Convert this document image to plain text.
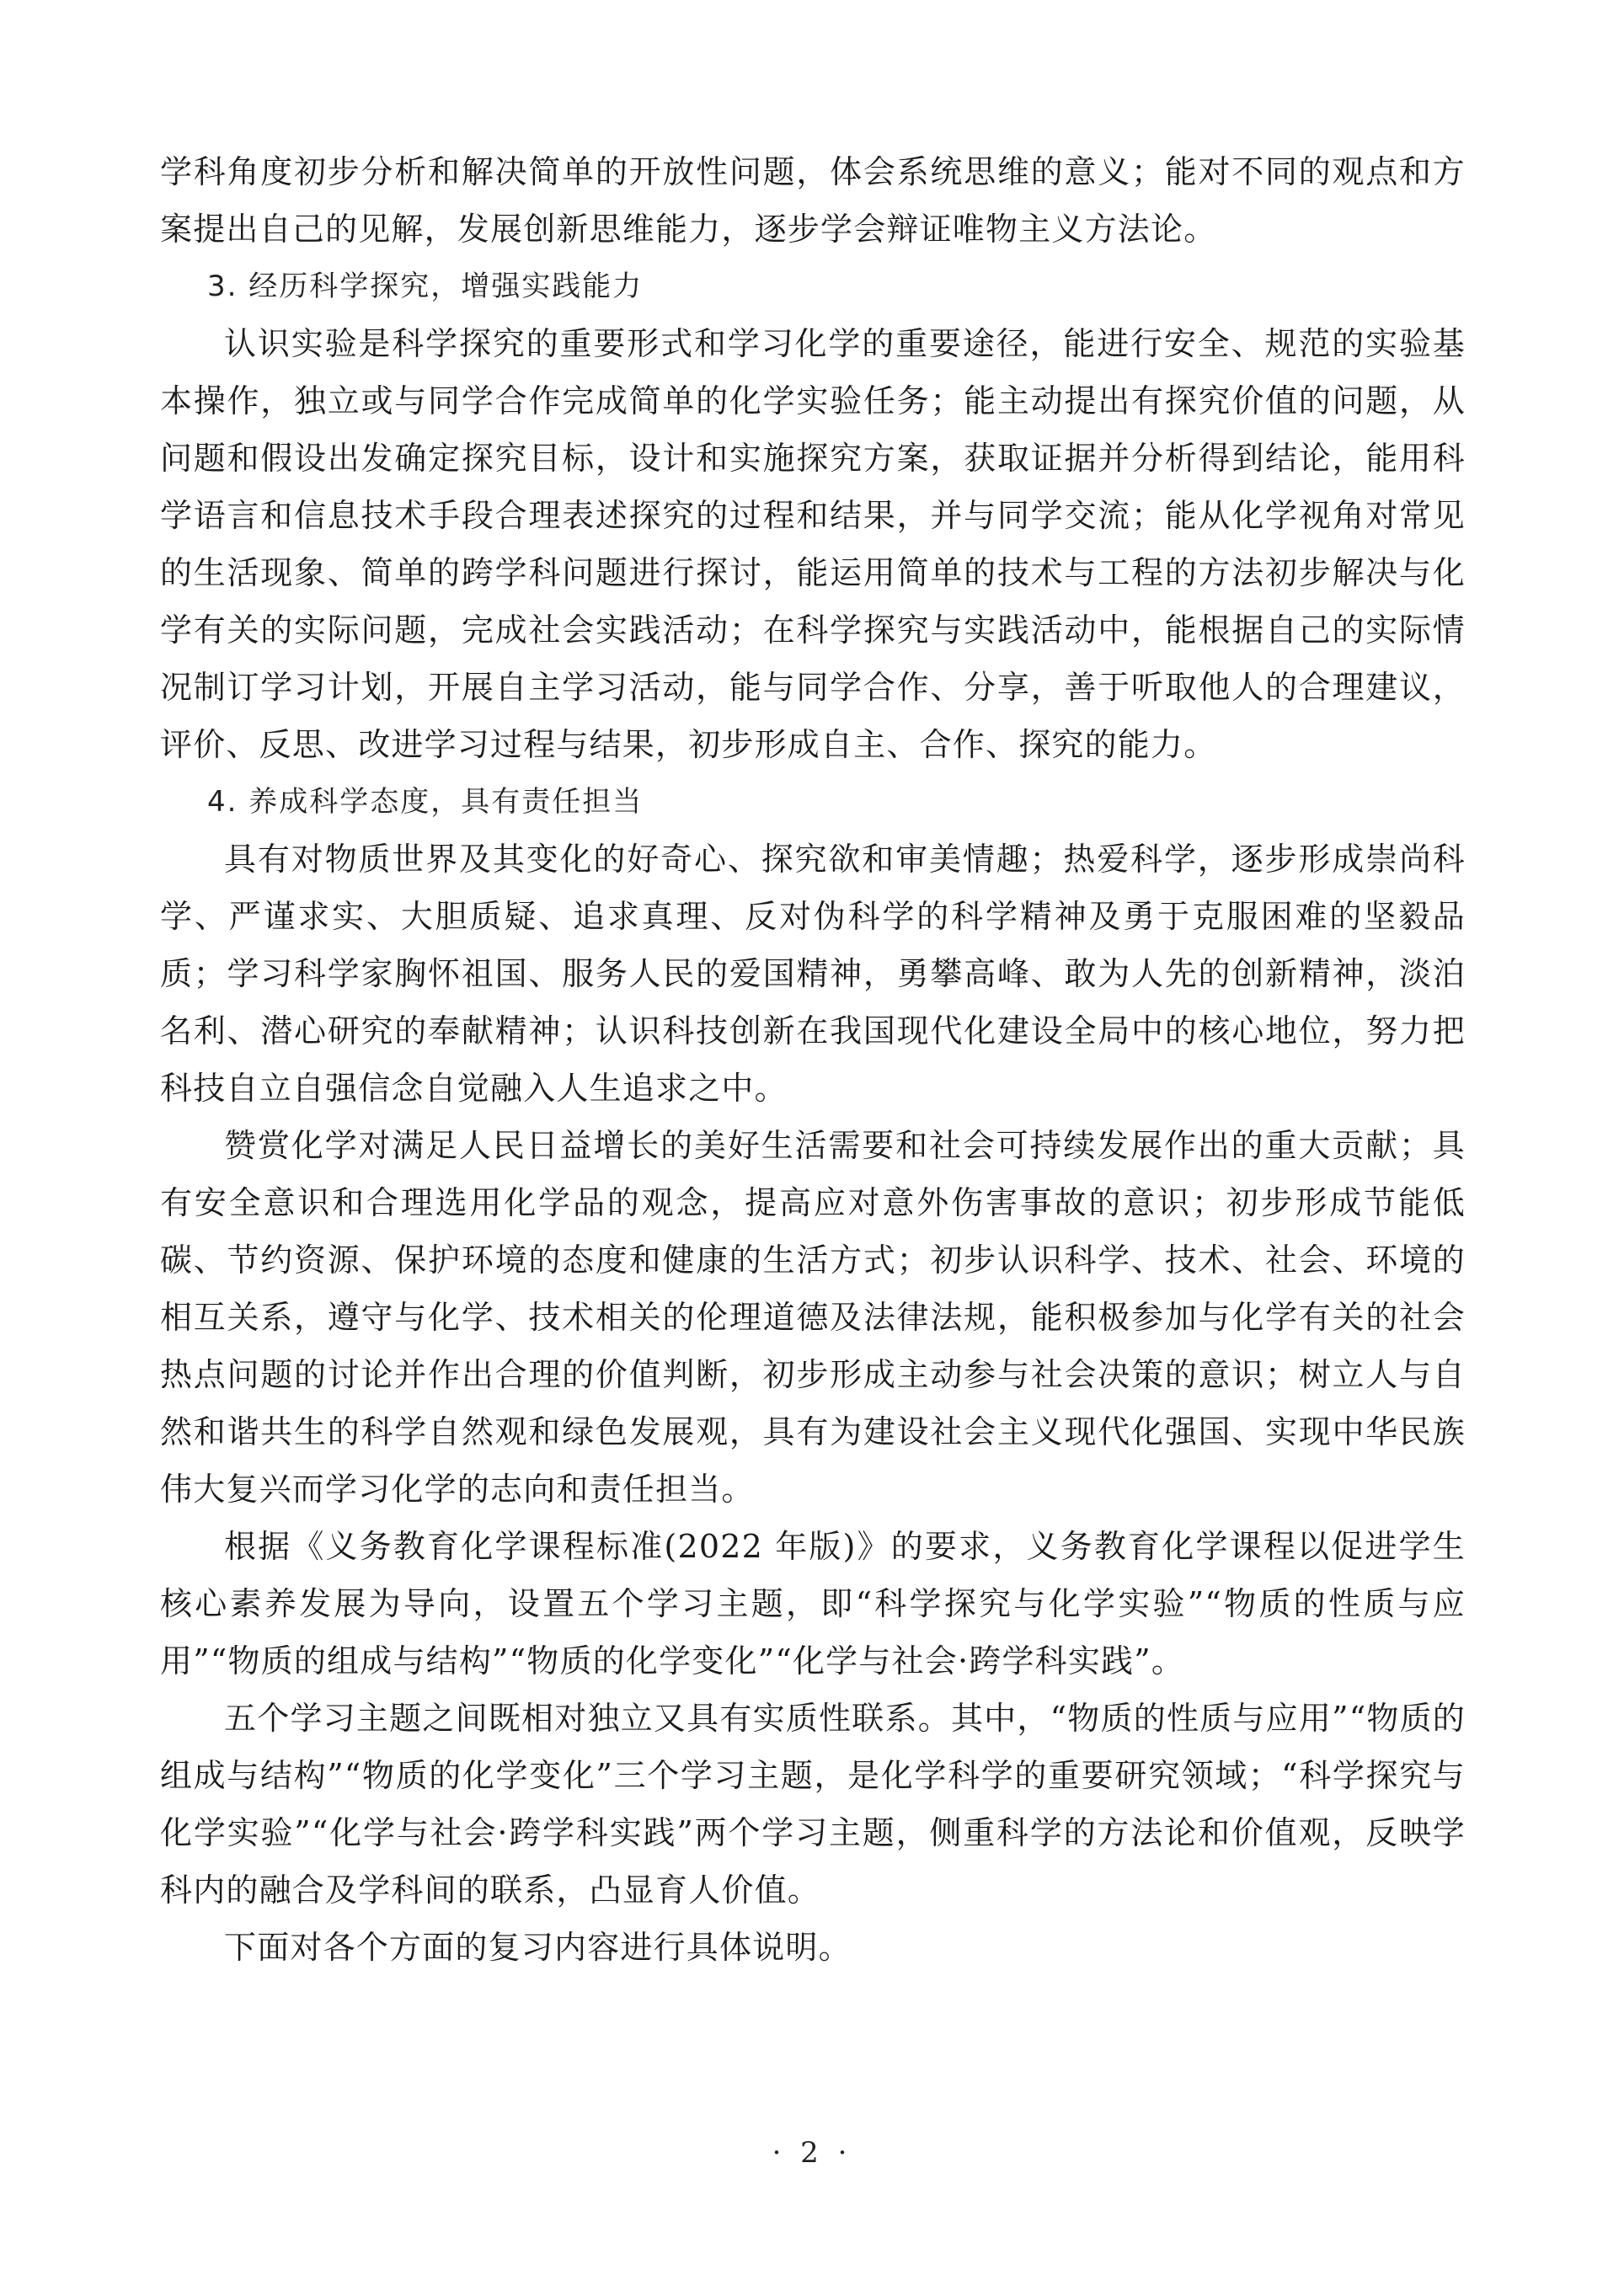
学科角度初步分析和解决简单的开放性问题，体会系统思维的意义；能对不同的观点和方案提出自己的见解，发展创新思维能力，逐步学会辩证唯物主义方法论。

3. 经历科学探究，增强实践能力

认识实验是科学探究的重要形式和学习化学的重要途径，能进行安全、规范的实验基本操作，独立或与同学合作完成简单的化学实验任务；能主动提出有探究价值的问题，从问题和假设出发确定探究目标，设计和实施探究方案，获取证据并分析得到结论，能用科学语言和信息技术手段合理表述探究的过程和结果，并与同学交流；能从化学视角对常见的生活现象、简单的跨学科问题进行探讨，能运用简单的技术与工程的方法初步解决与化学有关的实际问题，完成社会实践活动；在科学探究与实践活动中，能根据自己的实际情况制订学习计划，开展自主学习活动，能与同学合作、分享，善于听取他人的合理建议，评价、反思、改进学习过程与结果，初步形成自主、合作、探究的能力。

4. 养成科学态度，具有责任担当

具有对物质世界及其变化的好奇心、探究欲和审美情趣；热爱科学，逐步形成崇尚科学、严谨求实、大胆质疑、追求真理、反对伪科学的科学精神及勇于克服困难的坚毅品质；学习科学家胸怀祖国、服务人民的爱国精神，勇攀高峰、敢为人先的创新精神，淡泊名利、潜心研究的奉献精神；认识科技创新在我国现代化建设全局中的核心地位，努力把科技自立自强信念自觉融入人生追求之中。

赞赏化学对满足人民日益增长的美好生活需要和社会可持续发展作出的重大贡献；具有安全意识和合理选用化学品的观念，提高应对意外伤害事故的意识；初步形成节能低碳、节约资源、保护环境的态度和健康的生活方式；初步认识科学、技术、社会、环境的相互关系，遵守与化学、技术相关的伦理道德及法律法规，能积极参加与化学有关的社会热点问题的讨论并作出合理的价值判断，初步形成主动参与社会决策的意识；树立人与自然和谐共生的科学自然观和绿色发展观，具有为建设社会主义现代化强国、实现中华民族伟大复兴而学习化学的志向和责任担当。

根据《义务教育化学课程标准(2022 年版)》的要求，义务教育化学课程以促进学生核心素养发展为导向，设置五个学习主题，即“科学探究与化学实验”“物质的性质与应用”“物质的组成与结构”“物质的化学变化”“化学与社会·跨学科实践”。

五个学习主题之间既相对独立又具有实质性联系。其中，“物质的性质与应用”“物质的组成与结构”“物质的化学变化”三个学习主题，是化学科学的重要研究领域；“科学探究与化学实验”“化学与社会·跨学科实践”两个学习主题，侧重科学的方法论和价值观，反映学科内的融合及学科间的联系，凸显育人价值。

下面对各个方面的复习内容进行具体说明。

· 2 ·
